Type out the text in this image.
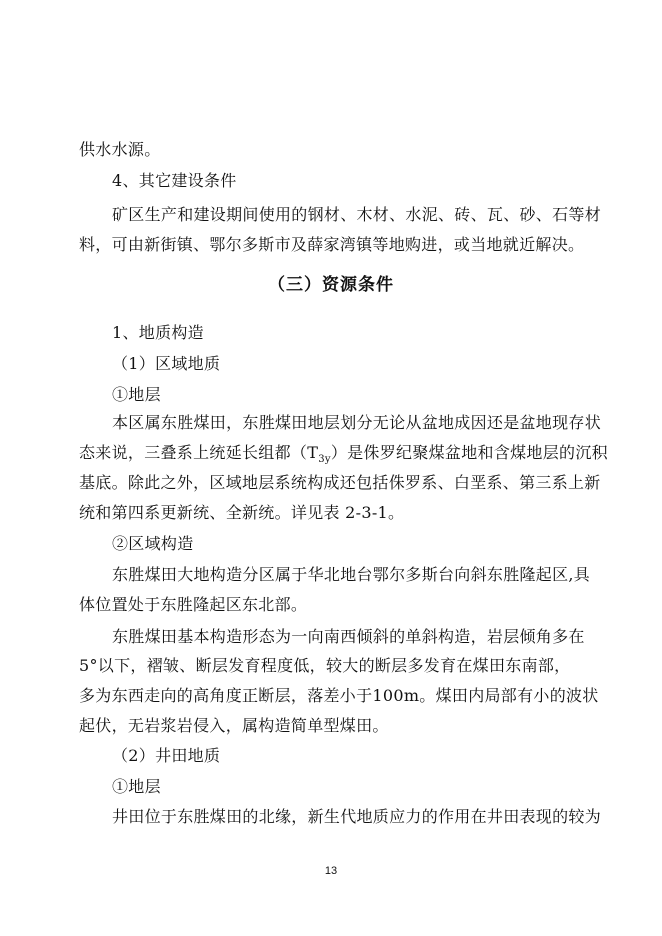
供水水源。
4、其它建设条件
矿区生产和建设期间使用的钢材、木材、水泥、砖、瓦、砂、石等材
料，可由新街镇、鄂尔多斯市及薛家湾镇等地购进，或当地就近解决。
（三）资源条件
1、地质构造
（1）区域地质
①地层
本区属东胜煤田，东胜煤田地层划分无论从盆地成因还是盆地现存状
态来说，三叠系上统延长组都$(T_{3y})$是侏罗纪聚煤盆地和含煤地层的沉积
基底。除此之外，区域地层系统构成还包括侏罗系、白垩系、第三系上新
统和第四系更新统、全新统。详见表 2-3-1。
②区域构造
东胜煤田大地构造分区属于华北地台鄂尔多斯台向斜东胜隆起区,具
体位置处于东胜隆起区东北部。
东胜煤田基本构造形态为一向南西倾斜的单斜构造，岩层倾角多在
5°以下，褶皱、断层发育程度低，较大的断层多发育在煤田东南部，
多为东西走向的高角度正断层，落差小于100m。煤田内局部有小的波状
起伏，无岩浆岩侵入，属构造简单型煤田。
（2）井田地质
①地层
井田位于东胜煤田的北缘，新生代地质应力的作用在井田表现的较为
13
